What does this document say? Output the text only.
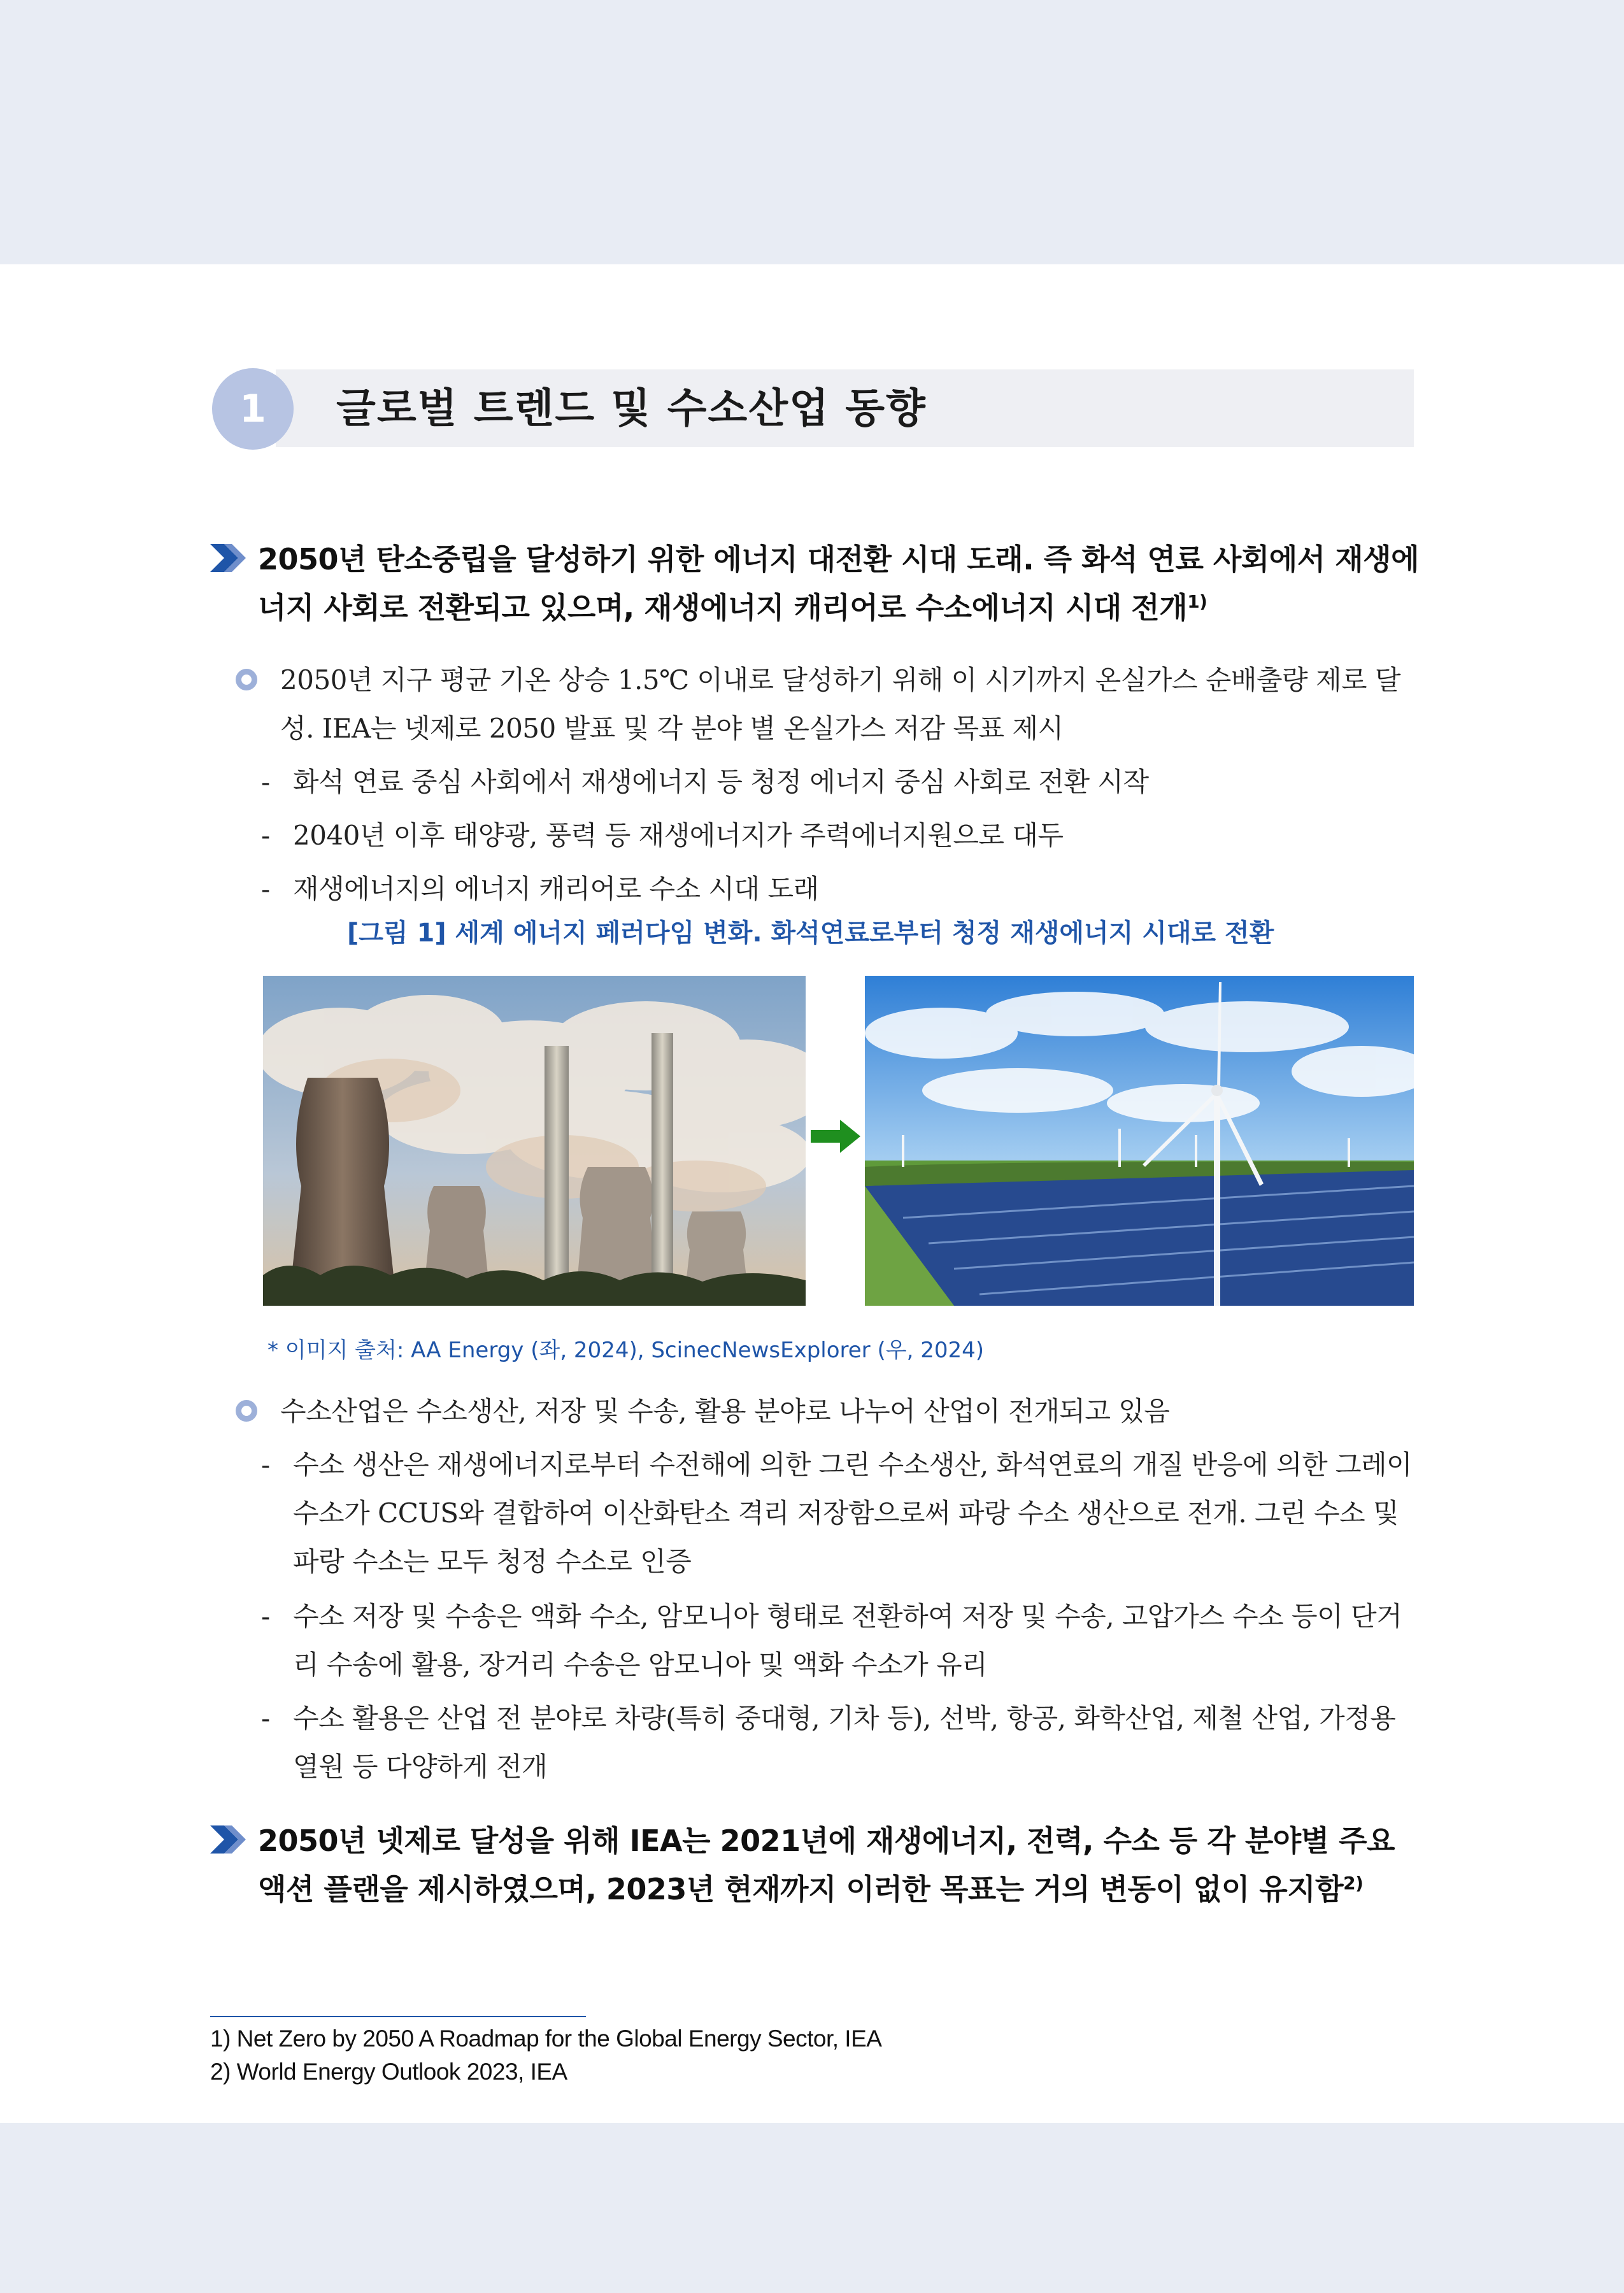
1	글로벌 트렌드 및 수소산업 동향
2050년 탄소중립을 달성하기 위한 에너지 대전환 시대 도래. 즉 화석 연료 사회에서 재생에너지 사회로 전환되고 있으며, 재생에너지 캐리어로 수소에너지 시대 전개$^{1)}$
2050년 지구 평균 기온 상승 1.5℃ 이내로 달성하기 위해 이 시기까지 온실가스 순배출량 제로 달성. IEA는 넷제로 2050 발표 및 각 분야 별 온실가스 저감 목표 제시
- 화석 연료 중심 사회에서 재생에너지 등 청정 에너지 중심 사회로 전환 시작
- 2040년 이후 태양광, 풍력 등 재생에너지가 주력에너지원으로 대두
- 재생에너지의 에너지 캐리어로 수소 시대 도래
[그림 1] 세계 에너지 페러다임 변화. 화석연료로부터 청정 재생에너지 시대로 전환
* 이미지 출처: AA Energy (좌, 2024), ScinecNewsExplorer (우, 2024)
수소산업은 수소생산, 저장 및 수송, 활용 분야로 나누어 산업이 전개되고 있음
- 수소 생산은 재생에너지로부터 수전해에 의한 그린 수소생산, 화석연료의 개질 반응에 의한 그레이 수소가 CCUS와 결합하여 이산화탄소 격리 저장함으로써 파랑 수소 생산으로 전개. 그린 수소 및 파랑 수소는 모두 청정 수소로 인증
- 수소 저장 및 수송은 액화 수소, 암모니아 형태로 전환하여 저장 및 수송, 고압가스 수소 등이 단거리 수송에 활용, 장거리 수송은 암모니아 및 액화 수소가 유리
- 수소 활용은 산업 전 분야로 차량(특히 중대형, 기차 등), 선박, 항공, 화학산업, 제철 산업, 가정용 열원 등 다양하게 전개
2050년 넷제로 달성을 위해 IEA는 2021년에 재생에너지, 전력, 수소 등 각 분야별 주요 액션 플랜을 제시하였으며, 2023년 현재까지 이러한 목표는 거의 변동이 없이 유지함$^{2)}$
1) Net Zero by 2050 A Roadmap for the Global Energy Sector, IEA
2) World Energy Outlook 2023, IEA
